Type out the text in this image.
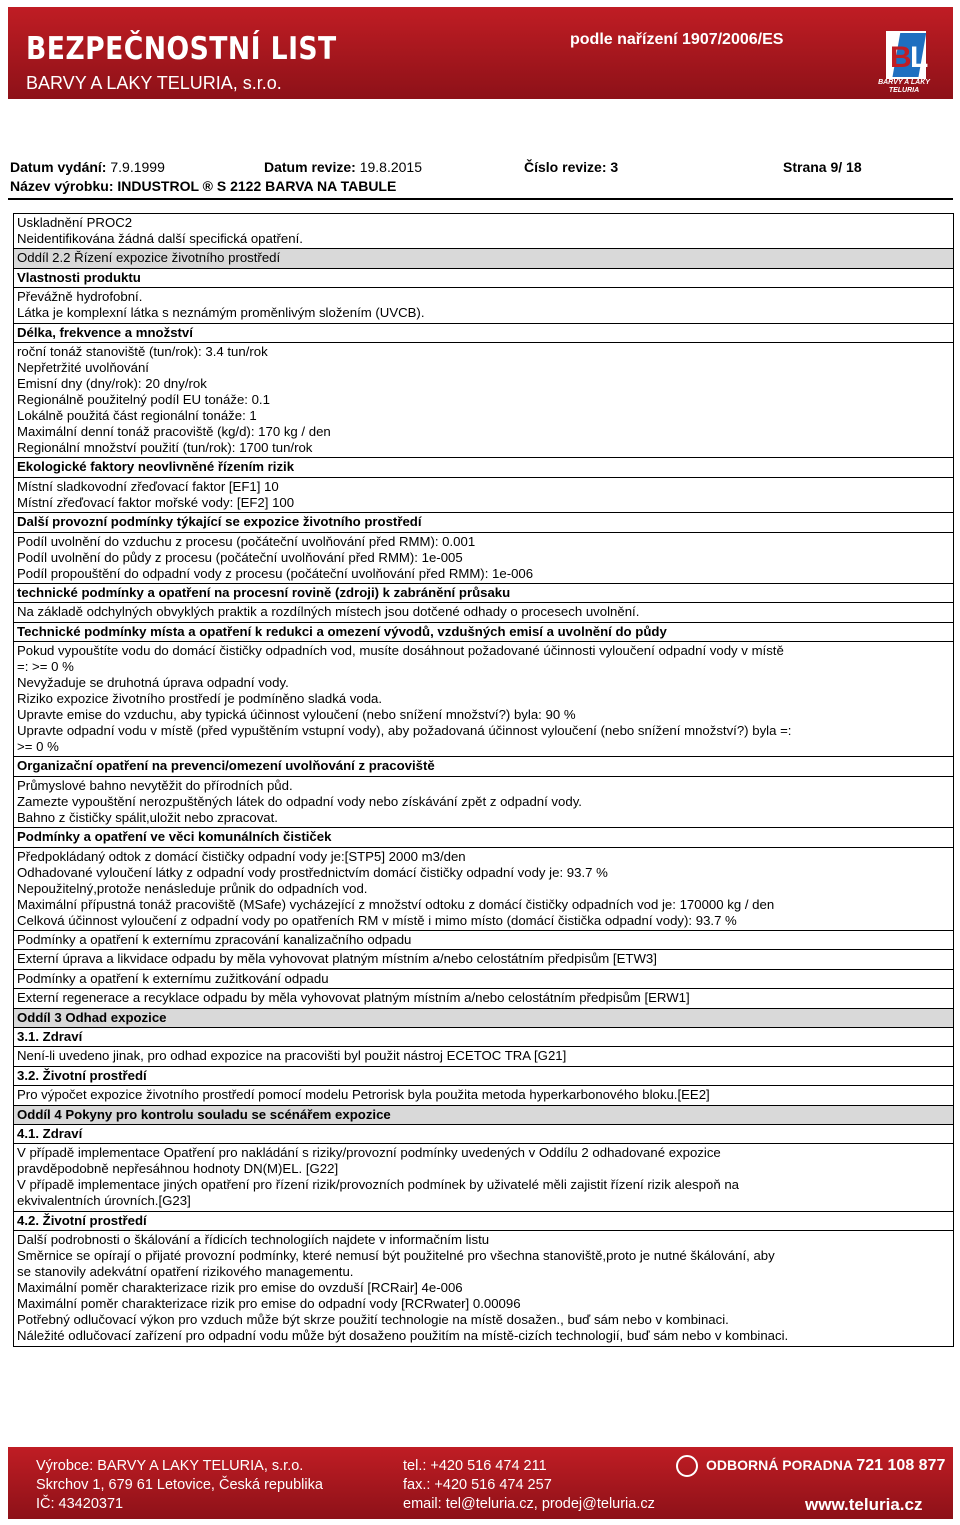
BEZPEČNOSTNÍ LIST
BARVY A LAKY TELURIA, s.r.o.
podle nařízení 1907/2006/ES
B
L
BARVY A LAKY
TELURIA
Datum vydání: 7.9.1999	Datum revize: 19.8.2015	Číslo revize: 3	Strana 9/ 18
Název výrobku: INDUSTROL ® S 2122 BARVA NA TABULE
Uskladnění PROC2
Neidentifikována žádná další specifická opatření.
Oddíl 2.2 Řízení expozice životního prostředí
Vlastnosti produktu
Převážně hydrofobní.
Látka je komplexní látka s neznámým proměnlivým složením (UVCB).
Délka, frekvence a množství
roční tonáž stanoviště (tun/rok): 3.4 tun/rok
Nepřetržité uvolňování
Emisní dny (dny/rok): 20 dny/rok
Regionálně použitelný podíl EU tonáže: 0.1
Lokálně použitá část regionální tonáže: 1
Maximální denní tonáž pracoviště (kg/d): 170 kg / den
Regionální množství použití (tun/rok): 1700 tun/rok
Ekologické faktory neovlivněné řízením rizik
Místní sladkovodní zřeďovací faktor [EF1] 10
Místní zřeďovací faktor mořské vody: [EF2] 100
Další provozní podmínky týkající se expozice životního prostředí
Podíl uvolnění do vzduchu z procesu (počáteční uvolňování před RMM): 0.001
Podíl uvolnění do půdy z procesu (počáteční uvolňování před RMM): 1e-005
Podíl propouštění do odpadní vody z procesu (počáteční uvolňování před RMM): 1e-006
technické podmínky a opatření na procesní rovině (zdroji) k zabránění průsaku
Na základě odchylných obvyklých praktik a rozdílných místech jsou dotčené odhady o procesech uvolnění.
Technické podmínky místa a opatření k redukci a omezení vývodů, vzdušných emisí a uvolnění do půdy
Pokud vypouštíte vodu do domácí čističky odpadních vod, musíte dosáhnout požadované účinnosti vyloučení odpadní vody v místě
=: >= 0 %
Nevyžaduje se druhotná úprava odpadní vody.
Riziko expozice životního prostředí je podmíněno sladká voda.
Upravte emise do vzduchu, aby typická účinnost vyloučení (nebo snížení množství?) byla: 90 %
Upravte odpadní vodu v místě (před vypuštěním vstupní vody), aby požadovaná účinnost vyloučení (nebo snížení množství?) byla =:
>= 0 %
Organizační opatření na prevenci/omezení uvolňování z pracoviště
Průmyslové bahno nevytěžit do přírodních půd.
Zamezte vypouštění nerozpuštěných látek do odpadní vody nebo získávání zpět z odpadní vody.
Bahno z čističky spálit,uložit nebo zpracovat.
Podmínky a opatření ve věci komunálních čističek
Předpokládaný odtok z domácí čističky odpadní vody je:[STP5] 2000 m3/den
Odhadované vyloučení látky z odpadní vody prostřednictvím domácí čističky odpadní vody je: 93.7 %
Nepoužitelný,protože nenásleduje průnik do odpadních vod.
Maximální přípustná tonáž pracoviště (MSafe) vycházející z množství odtoku z domácí čističky odpadních vod je: 170000 kg / den
Celková účinnost vyloučení z odpadní vody po opatřeních RM v místě i mimo místo (domácí čistička odpadní vody): 93.7 %
Podmínky a opatření k externímu zpracování kanalizačního odpadu
Externí úprava a likvidace odpadu by měla vyhovovat platným místním a/nebo celostátním předpisům [ETW3]
Podmínky a opatření k externímu zužitkování odpadu
Externí regenerace a recyklace odpadu by měla vyhovovat platným místním a/nebo celostátním předpisům [ERW1]
Oddíl 3 Odhad expozice
3.1. Zdraví
Není-li uvedeno jinak, pro odhad expozice na pracovišti byl použit nástroj ECETOC TRA [G21]
3.2. Životní prostředí
Pro výpočet expozice životního prostředí pomocí modelu Petrorisk byla použita metoda hyperkarbonového bloku.[EE2]
Oddíl 4 Pokyny pro kontrolu souladu se scénářem expozice
4.1. Zdraví
V případě implementace Opatření pro nakládání s riziky/provozní podmínky uvedených v Oddílu 2 odhadované expozice
pravděpodobně nepřesáhnou hodnoty DN(M)EL. [G22]
V případě implementace jiných opatření pro řízení rizik/provozních podmínek by uživatelé měli zajistit řízení rizik alespoň na
ekvivalentních úrovních.[G23]
4.2. Životní prostředí
Další podrobnosti o škálování a řídicích technologiích najdete v informačním listu
Směrnice se opírají o přijaté provozní podmínky, které nemusí být použitelné pro všechna stanoviště,proto je nutné škálování, aby
se stanovily adekvátní opatření rizikového managementu.
Maximální poměr charakterizace rizik pro emise do ovzduší [RCRair] 4e-006
Maximální poměr charakterizace rizik pro emise do odpadní vody [RCRwater] 0.00096
Potřebný odlučovací výkon pro vzduch může být skrze použití technologie na místě dosažen., buď sám nebo v kombinaci.
Náležité odlučovací zařízení pro odpadní vodu může být dosaženo použitím na místě-cizích technologií, buď sám nebo v kombinaci.
Výrobce: BARVY A LAKY TELURIA, s.r.o.
Skrchov 1, 679 61 Letovice, Česká republika
IČ: 43420371
tel.: +420 516 474 211
fax.: +420 516 474 257
email: tel@teluria.cz, prodej@teluria.cz
ODBORNÁ PORADNA 721 108 877
www.teluria.cz
